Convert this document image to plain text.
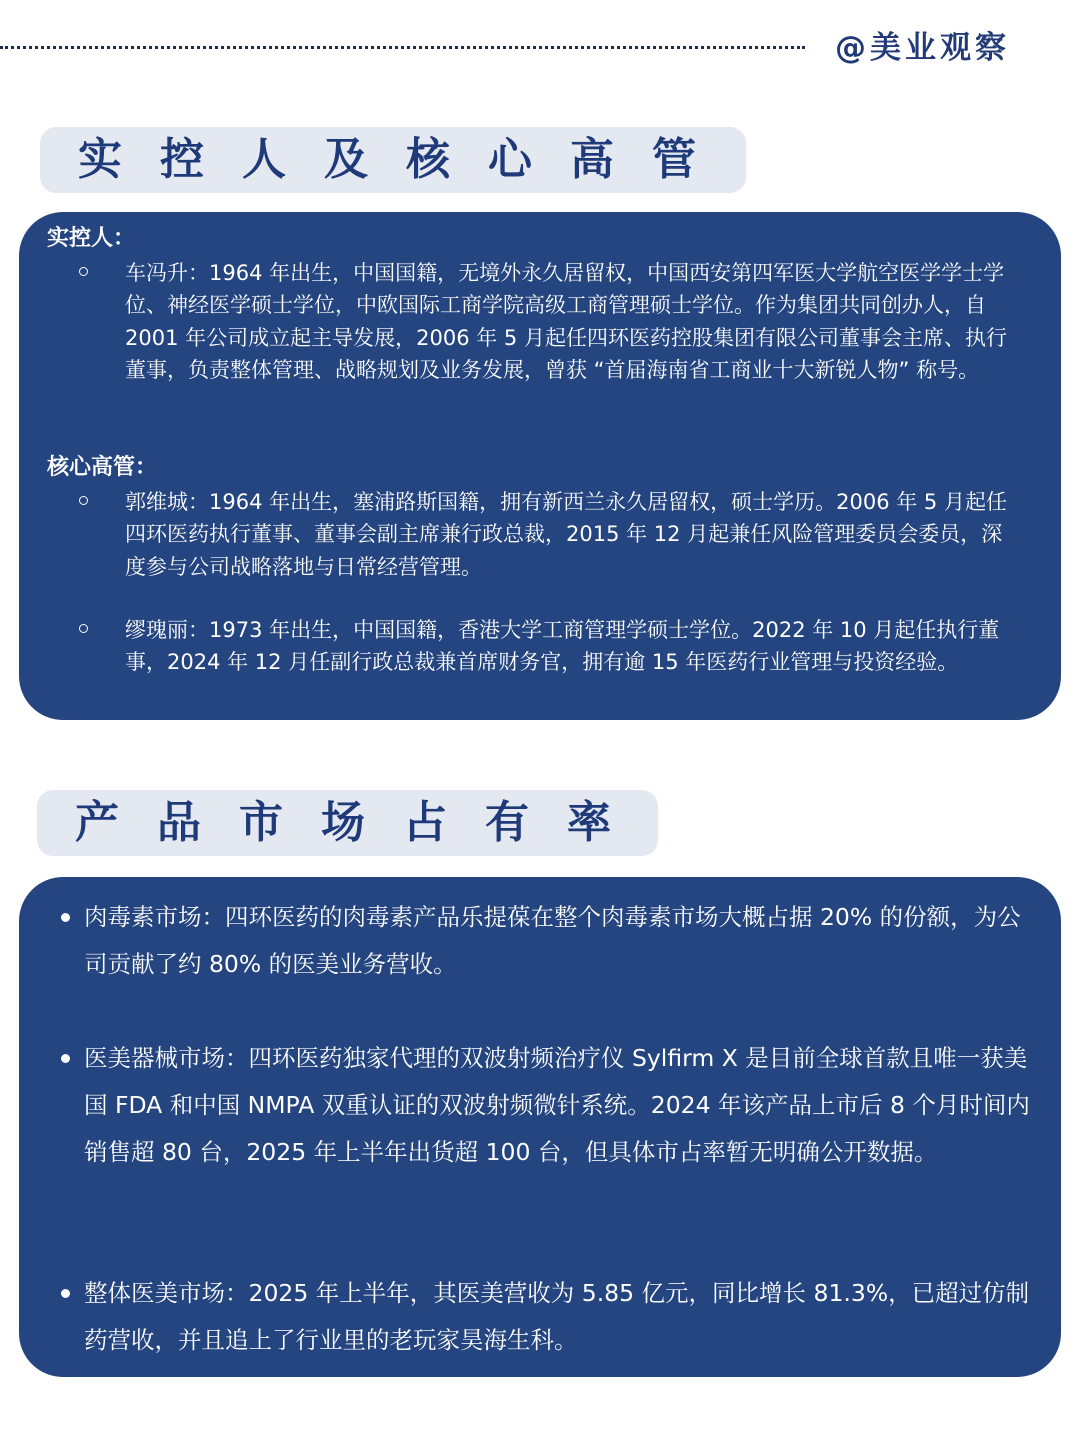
@美业观察
实控人及核心高管
实控人：
车冯升：1964 年出生，中国国籍，无境外永久居留权，中国西安第四军医大学航空医学学士学位、神经医学硕士学位，中欧国际工商学院高级工商管理硕士学位。作为集团共同创办人，自 2001 年公司成立起主导发展，2006 年 5 月起任四环医药控股集团有限公司董事会主席、执行董事，负责整体管理、战略规划及业务发展，曾获 “首届海南省工商业十大新锐人物” 称号。
核心高管：
郭维城：1964 年出生，塞浦路斯国籍，拥有新西兰永久居留权，硕士学历。2006 年 5 月起任四环医药执行董事、董事会副主席兼行政总裁，2015 年 12 月起兼任风险管理委员会委员，深度参与公司战略落地与日常经营管理。
缪瑰丽：1973 年出生，中国国籍，香港大学工商管理学硕士学位。2022 年 10 月起任执行董事，2024 年 12 月任副行政总裁兼首席财务官，拥有逾 15 年医药行业管理与投资经验。
产品市场占有率
肉毒素市场：四环医药的肉毒素产品乐提葆在整个肉毒素市场大概占据 20% 的份额，为公司贡献了约 80% 的医美业务营收。
医美器械市场：四环医药独家代理的双波射频治疗仪 Sylfirm X 是目前全球首款且唯一获美国 FDA 和中国 NMPA 双重认证的双波射频微针系统。2024 年该产品上市后 8 个月时间内销售超 80 台，2025 年上半年出货超 100 台，但具体市占率暂无明确公开数据。
整体医美市场：2025 年上半年，其医美营收为 5.85 亿元，同比增长 81.3%，已超过仿制药营收，并且追上了行业里的老玩家昊海生科。
